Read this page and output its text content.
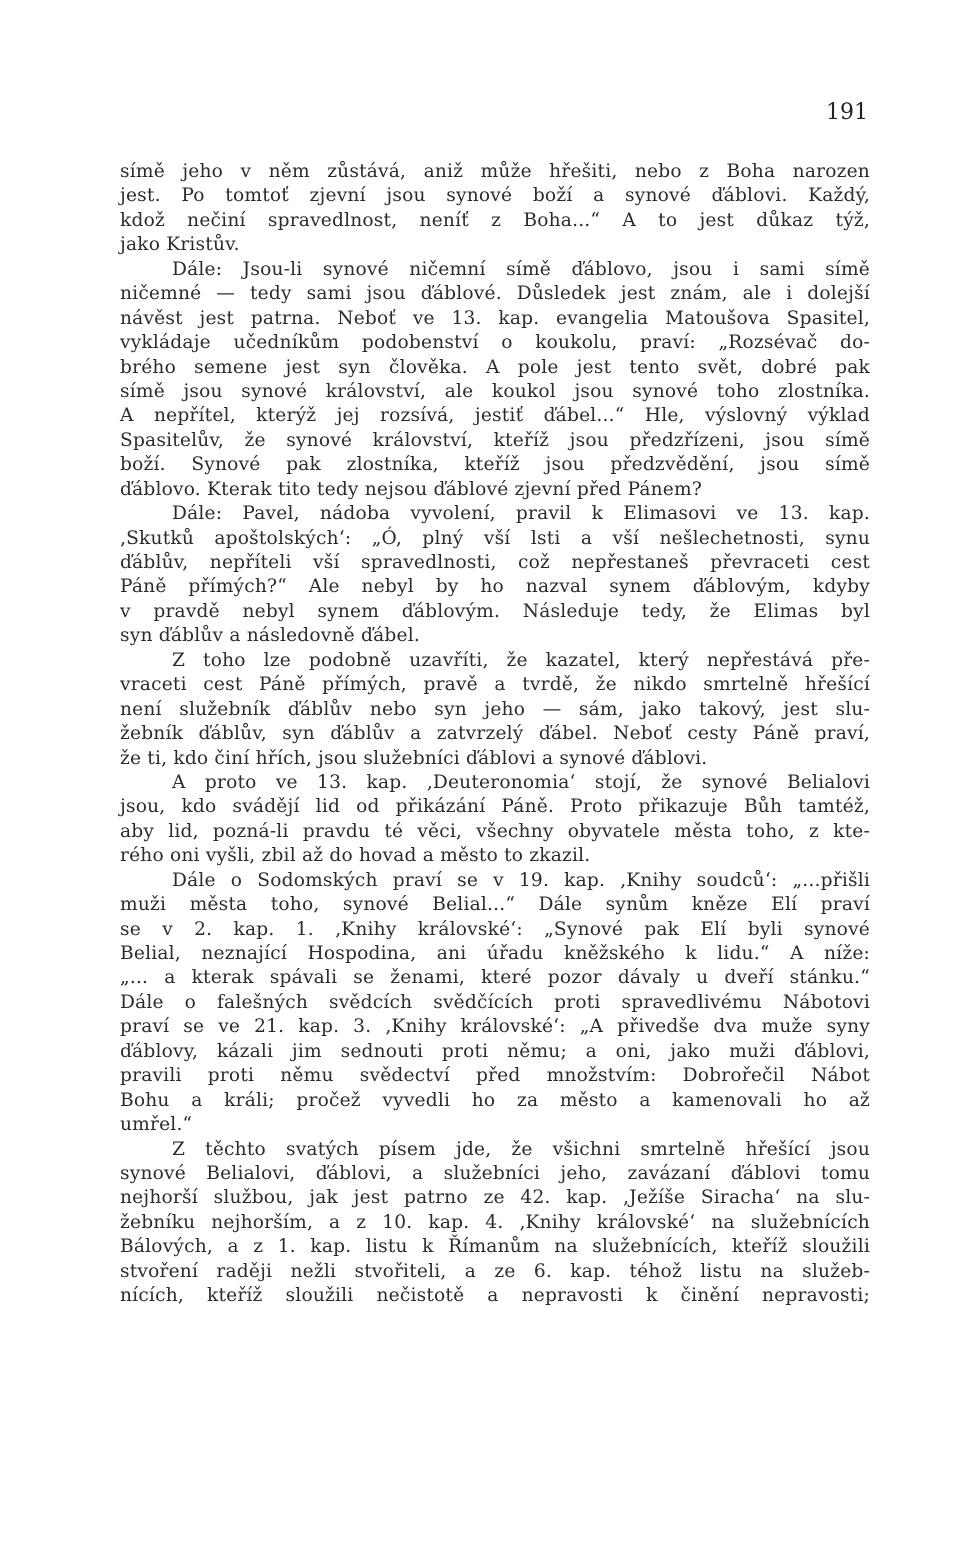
191
símě jeho v něm zůstává, aniž může hřešiti, nebo z Boha narozen
jest. Po tomtoť zjevní jsou synové boží a synové ďáblovi. Každý,
kdož nečiní spravedlnost, neníť z Boha...“ A to jest důkaz týž,
jako Kristův.
Dále: Jsou-li synové ničemní símě ďáblovo, jsou i sami símě
ničemné — tedy sami jsou ďáblové. Důsledek jest znám, ale i dolejší
návěst jest patrna. Neboť ve 13. kap. evangelia Matoušova Spasitel,
vykládaje učedníkům podobenství o koukolu, praví: „Rozsévač do-
brého semene jest syn člověka. A pole jest tento svět, dobré pak
símě jsou synové království, ale koukol jsou synové toho zlostníka.
A nepřítel, kterýž jej rozsívá, jestiť ďábel...“ Hle, výslovný výklad
Spasitelův, že synové království, kteříž jsou předzřízeni, jsou símě
boží. Synové pak zlostníka, kteříž jsou předzvědění, jsou símě
ďáblovo. Kterak tito tedy nejsou ďáblové zjevní před Pánem?
Dále: Pavel, nádoba vyvolení, pravil k Elimasovi ve 13. kap.
‚Skutků apoštolských‘: „Ó, plný vší lsti a vší nešlechetnosti, synu
ďáblův, nepříteli vší spravedlnosti, což nepřestaneš převraceti cest
Páně přímých?“ Ale nebyl by ho nazval synem ďáblovým, kdyby
v pravdě nebyl synem ďáblovým. Následuje tedy, že Elimas byl
syn ďáblův a následovně ďábel.
Z toho lze podobně uzavříti, že kazatel, který nepřestává pře-
vraceti cest Páně přímých, pravě a tvrdě, že nikdo smrtelně hřešící
není služebník ďáblův nebo syn jeho — sám, jako takový, jest slu-
žebník ďáblův, syn ďáblův a zatvrzelý ďábel. Neboť cesty Páně praví,
že ti, kdo činí hřích, jsou služebníci ďáblovi a synové ďáblovi.
A proto ve 13. kap. ‚Deuteronomia‘ stojí, že synové Belialovi
jsou, kdo svádějí lid od přikázání Páně. Proto přikazuje Bůh tamtéž,
aby lid, pozná-li pravdu té věci, všechny obyvatele města toho, z kte-
rého oni vyšli, zbil až do hovad a město to zkazil.
Dále o Sodomských praví se v 19. kap. ‚Knihy soudců‘: „...přišli
muži města toho, synové Belial...“ Dále synům kněze Elí praví
se v 2. kap. 1. ‚Knihy královské‘: „Synové pak Elí byli synové
Belial, neznající Hospodina, ani úřadu kněžského k lidu.“ A níže:
„... a kterak spávali se ženami, které pozor dávaly u dveří stánku.“
Dále o falešných svědcích svědčících proti spravedlivému Nábotovi
praví se ve 21. kap. 3. ‚Knihy královské‘: „A přivedše dva muže syny
ďáblovy, kázali jim sednouti proti němu; a oni, jako muži ďáblovi,
pravili proti němu svědectví před množstvím: Dobrořečil Nábot
Bohu a králi; pročež vyvedli ho za město a kamenovali ho až
umřel.“
Z těchto svatých písem jde, že všichni smrtelně hřešící jsou
synové Belialovi, ďáblovi, a služebníci jeho, zavázaní ďáblovi tomu
nejhorší službou, jak jest patrno ze 42. kap. ‚Ježíše Siracha‘ na slu-
žebníku nejhorším, a z 10. kap. 4. ‚Knihy královské‘ na služebnících
Bálových, a z 1. kap. listu k Římanům na služebnících, kteříž sloužili
stvoření raději nežli stvořiteli, a ze 6. kap. téhož listu na služeb-
nících, kteříž sloužili nečistotě a nepravosti k činění nepravosti;
